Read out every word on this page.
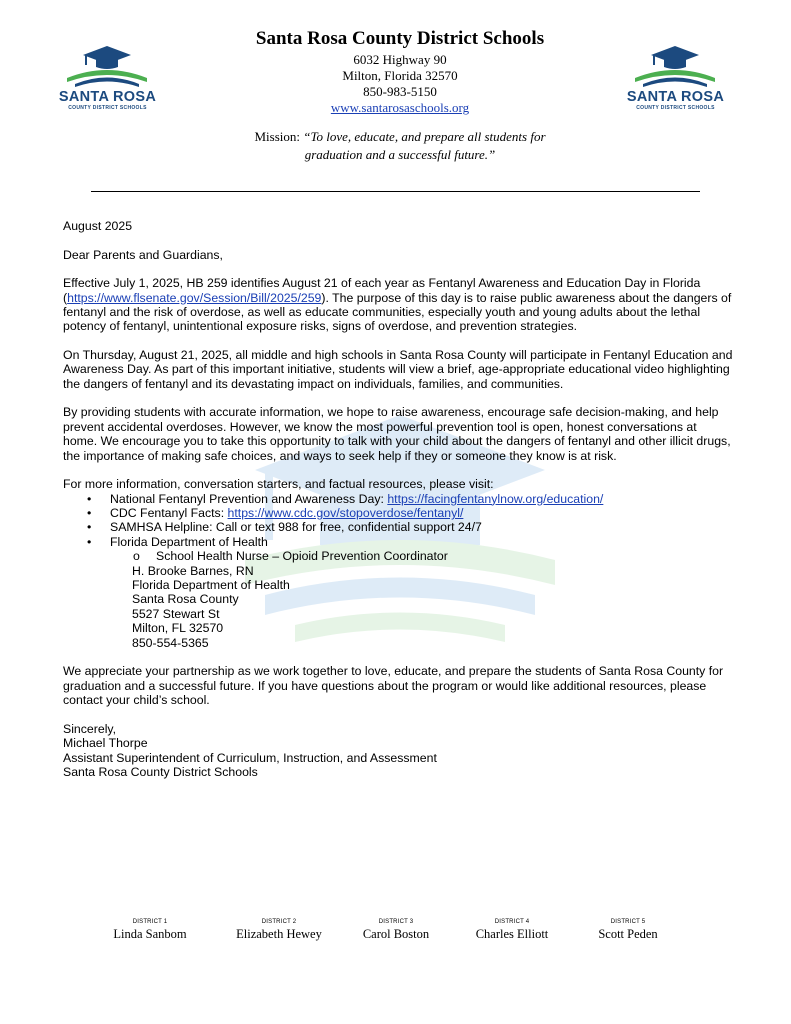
SANTA ROSA
COUNTY DISTRICT SCHOOLS
SANTA ROSA
COUNTY DISTRICT SCHOOLS
Santa Rosa County District Schools
6032 Highway 90
Milton, Florida 32570
850-983-5150
www.santarosaschools.org
Mission: “To love, educate, and prepare all students for
graduation and a successful future.”

August 2025

Dear Parents and Guardians,

Effective July 1, 2025, HB 259 identifies August 21 of each year as Fentanyl Awareness and Education Day in Florida (https://www.flsenate.gov/Session/Bill/2025/259). The purpose of this day is to raise public awareness about the dangers of fentanyl and the risk of overdose, as well as educate communities, especially youth and young adults about the lethal potency of fentanyl, unintentional exposure risks, signs of overdose, and prevention strategies.

On Thursday, August 21, 2025, all middle and high schools in Santa Rosa County will participate in Fentanyl Education and Awareness Day. As part of this important initiative, students will view a brief, age-appropriate educational video highlighting the dangers of fentanyl and its devastating impact on individuals, families, and communities.

By providing students with accurate information, we hope to raise awareness, encourage safe decision-making, and help prevent accidental overdoses. However, we know the most powerful prevention tool is open, honest conversations at home. We encourage you to take this opportunity to talk with your child about the dangers of fentanyl and other illicit drugs, the importance of making safe choices, and ways to seek help if they or someone they know is at risk.

For more information, conversation starters, and factual resources, please visit:
• National Fentanyl Prevention and Awareness Day: https://facingfentanylnow.org/education/
• CDC Fentanyl Facts: https://www.cdc.gov/stopoverdose/fentanyl/
• SAMHSA Helpline: Call or text 988 for free, confidential support 24/7
• Florida Department of Health
o School Health Nurse – Opioid Prevention Coordinator
H. Brooke Barnes, RN
Florida Department of Health
Santa Rosa County
5527 Stewart St
Milton, FL 32570
850-554-5365

We appreciate your partnership as we work together to love, educate, and prepare the students of Santa Rosa County for graduation and a successful future. If you have questions about the program or would like additional resources, please contact your child’s school.

Sincerely,

Michael Thorpe

Assistant Superintendent of Curriculum, Instruction, and Assessment

Santa Rosa County District Schools

DISTRICT 1
Linda Sanbom
DISTRICT 2
Elizabeth Hewey
DISTRICT 3
Carol Boston
DISTRICT 4
Charles Elliott
DISTRICT 5
Scott Peden
